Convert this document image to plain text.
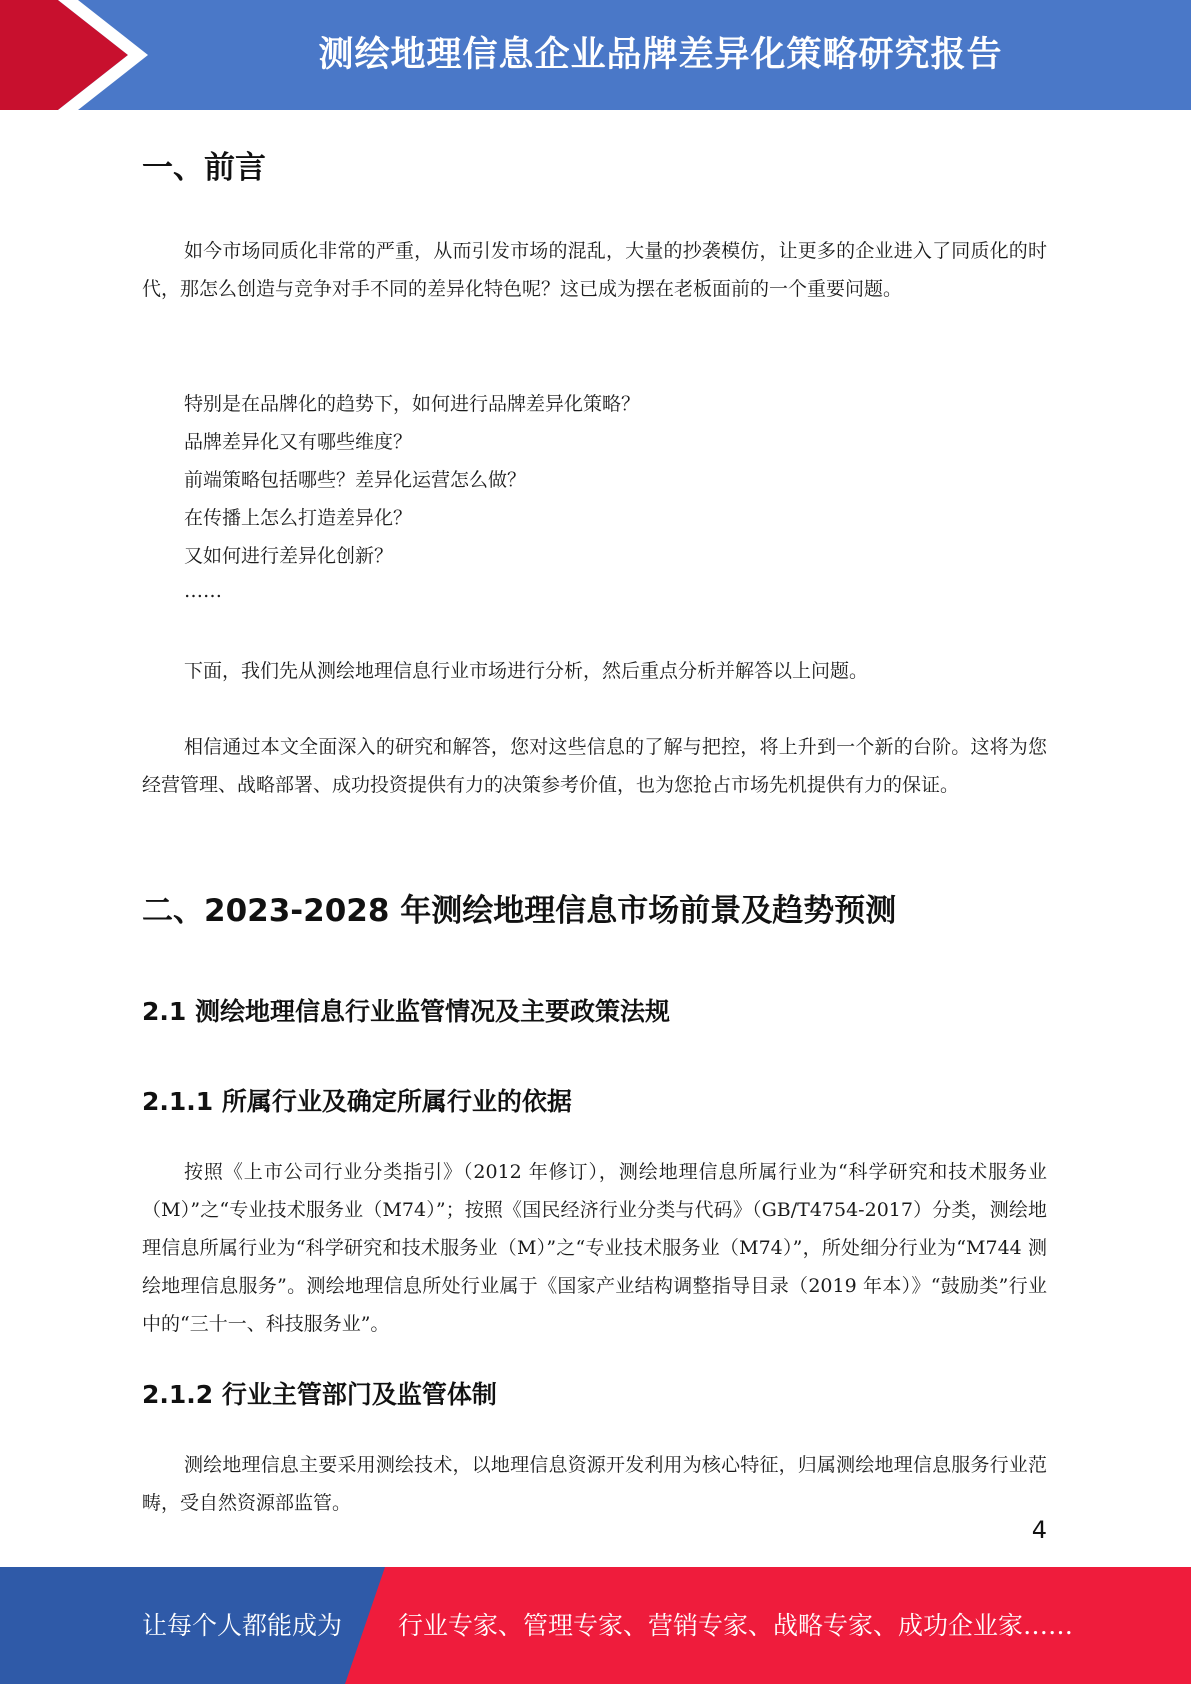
测绘地理信息企业品牌差异化策略研究报告
一、前言

如今市场同质化非常的严重，从而引发市场的混乱，大量的抄袭模仿，让更多的企业进入了同质化的时代，那怎么创造与竞争对手不同的差异化特色呢？这已成为摆在老板面前的一个重要问题。

特别是在品牌化的趋势下，如何进行品牌差异化策略？

品牌差异化又有哪些维度？

前端策略包括哪些？差异化运营怎么做？

在传播上怎么打造差异化？

又如何进行差异化创新？

……

下面，我们先从测绘地理信息行业市场进行分析，然后重点分析并解答以上问题。

相信通过本文全面深入的研究和解答，您对这些信息的了解与把控，将上升到一个新的台阶。这将为您经营管理、战略部署、成功投资提供有力的决策参考价值，也为您抢占市场先机提供有力的保证。

二、2023-2028 年测绘地理信息市场前景及趋势预测
2.1 测绘地理信息行业监管情况及主要政策法规
2.1.1 所属行业及确定所属行业的依据

按照《上市公司行业分类指引》（2012 年修订），测绘地理信息所属行业为“科学研究和技术服务业（M）”之“专业技术服务业（M74）”；按照《国民经济行业分类与代码》（GB/T4754-2017）分类，测绘地理信息所属行业为“科学研究和技术服务业（M）”之“专业技术服务业（M74）”，所处细分行业为“M744 测绘地理信息服务”。测绘地理信息所处行业属于《国家产业结构调整指导目录（2019 年本）》“鼓励类”行业中的“三十一、科技服务业”。

2.1.2 行业主管部门及监管体制

测绘地理信息主要采用测绘技术，以地理信息资源开发利用为核心特征，归属测绘地理信息服务行业范畴，受自然资源部监管。

4
让每个人都能成为 行业专家、管理专家、营销专家、战略专家、成功企业家……
